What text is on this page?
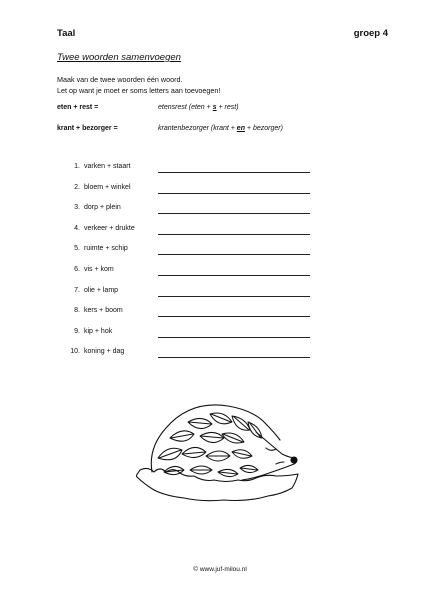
Taal	groep 4
Twee woorden samenvoegen
Maak van de twee woorden één woord.
Let op want je moet er soms letters aan toevoegen!
eten + rest =	etensrest (eten + s + rest)
krant + bezorger =	krantenbezorger (krant + en + bezorger)
1. varken + staart
2. bloem + winkel
3. dorp + plein
4. verkeer + drukte
5. ruimte + schip
6. vis + kom
7. olie + lamp
8. kers + boom
9. kip + hok
10. koning + dag
© www.juf-milou.nl
